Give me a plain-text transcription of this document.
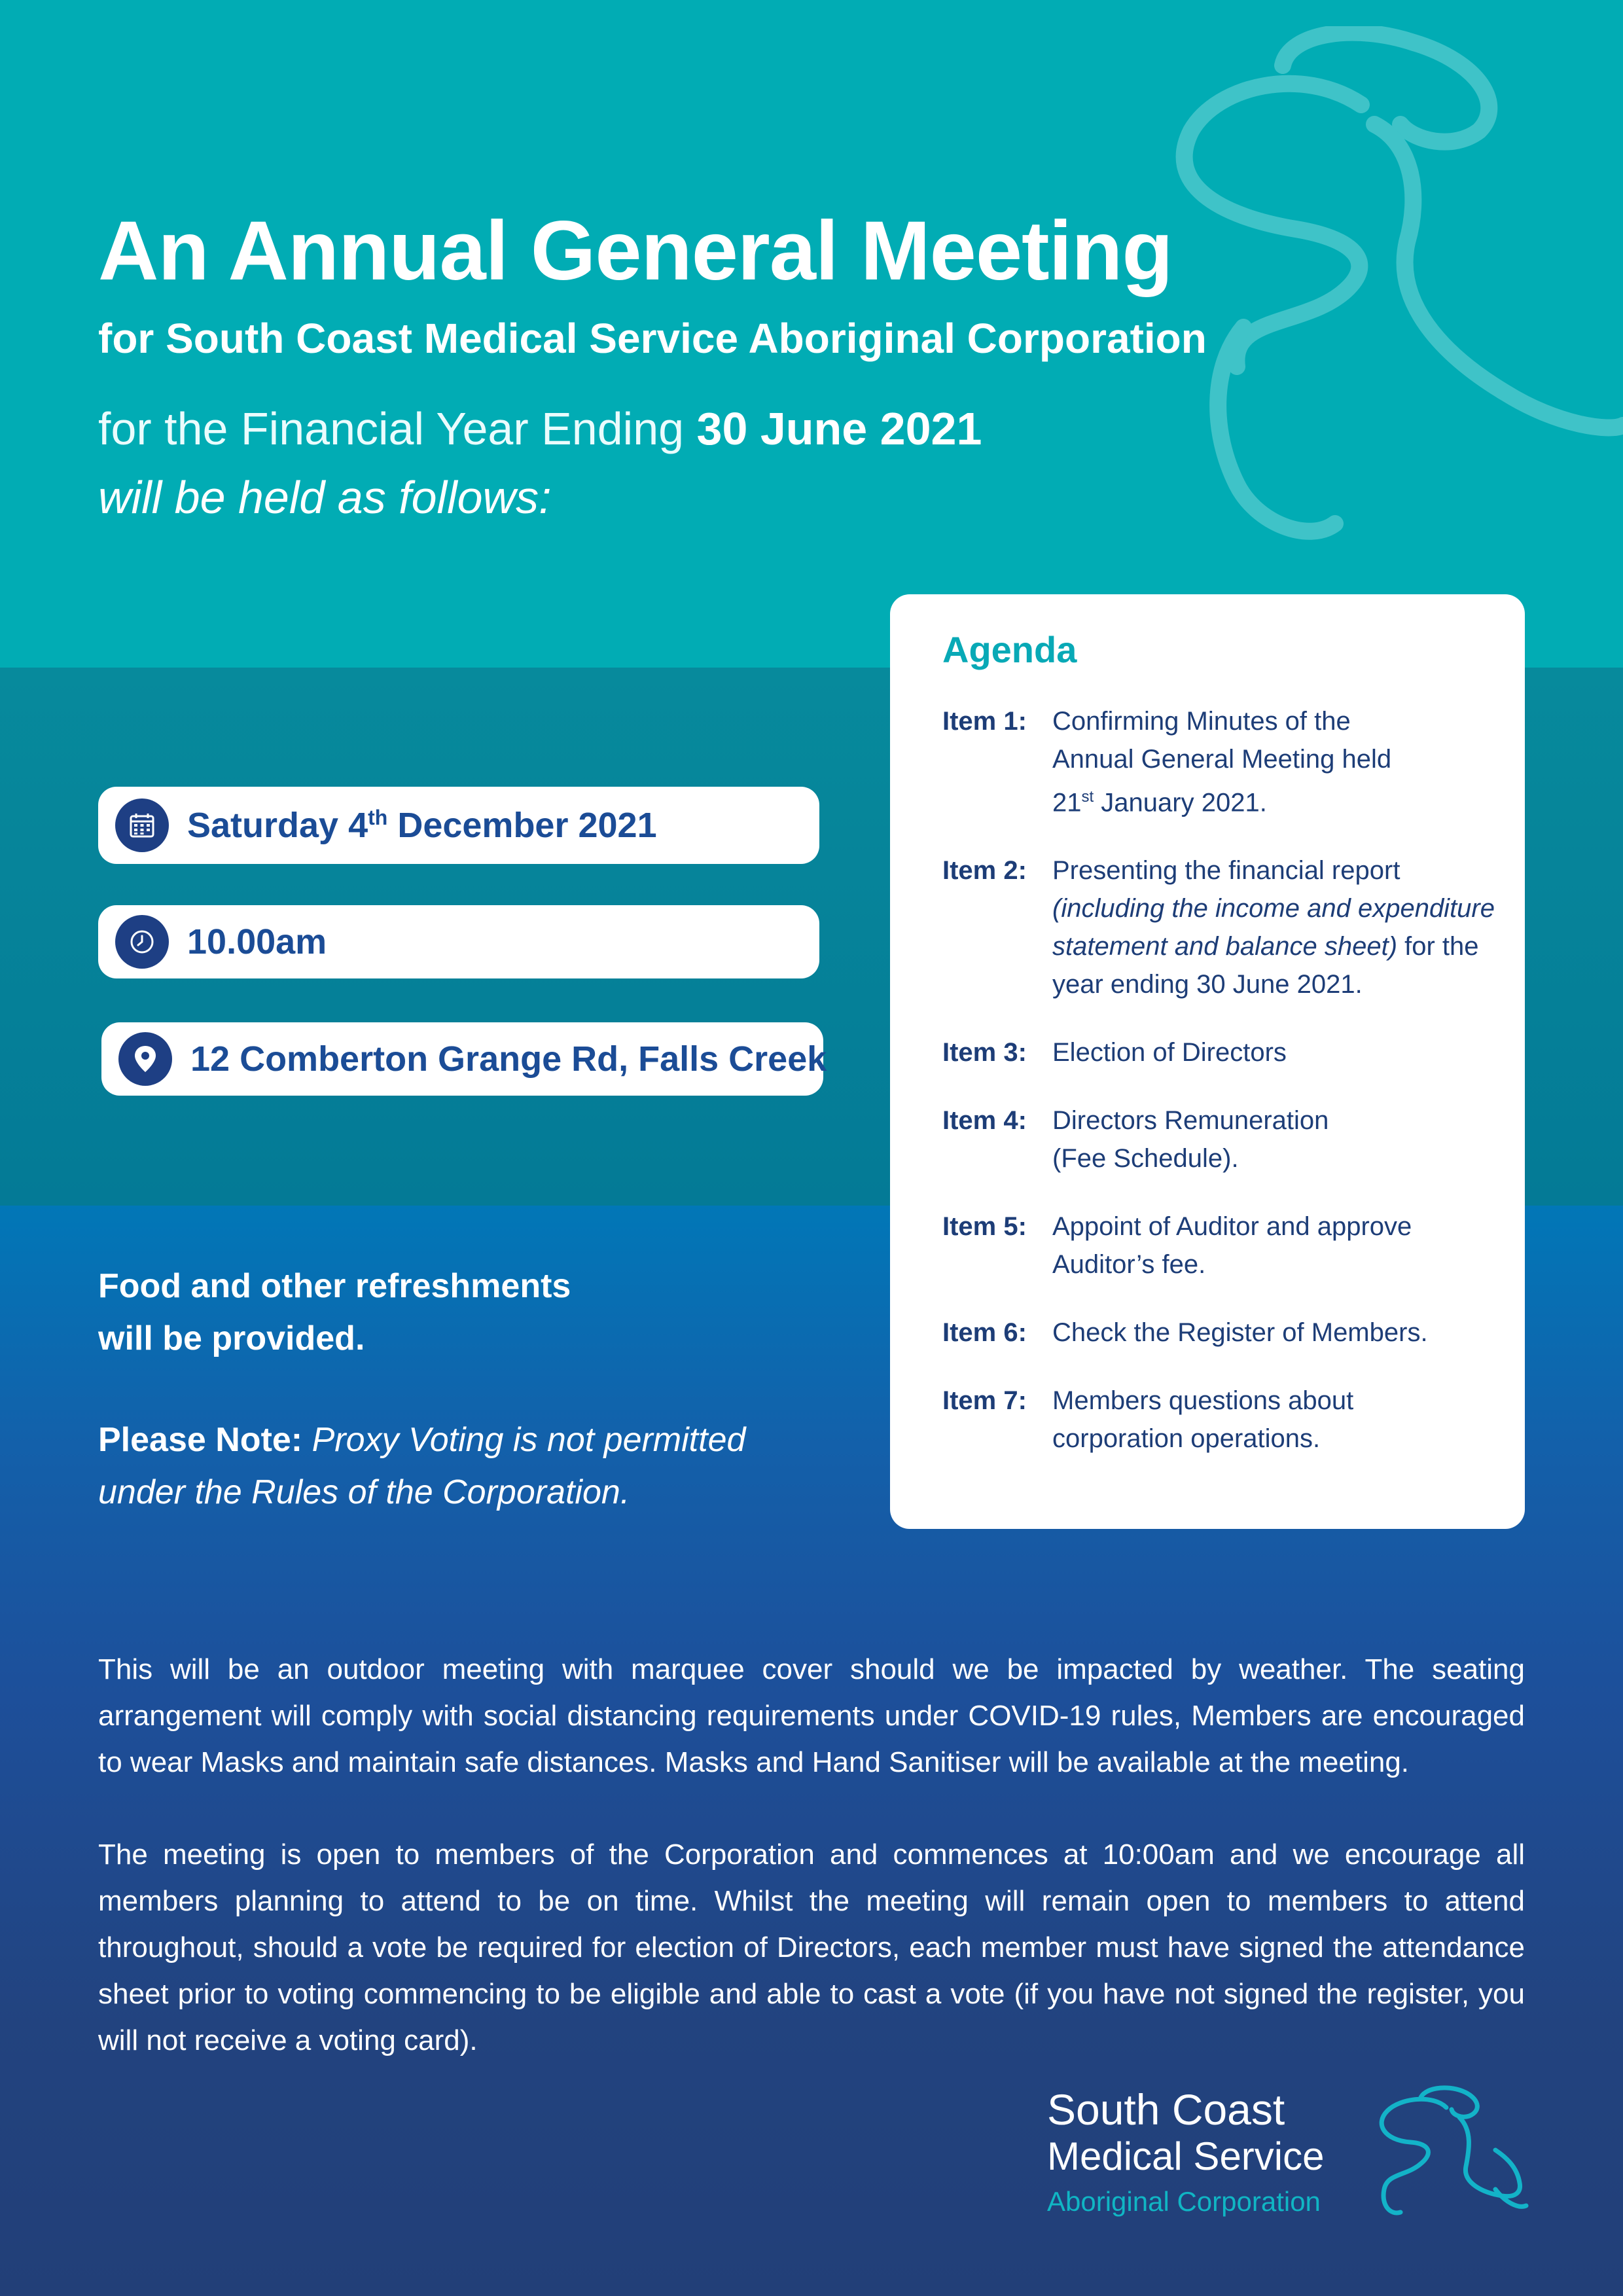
An Annual General Meeting
for South Coast Medical Service Aboriginal Corporation
for the Financial Year Ending 30 June 2021
will be held as follows:
Saturday 4th December 2021
10.00am
12 Comberton Grange Rd, Falls Creek
Food and other refreshments
will be provided.
Please Note: Proxy Voting is not permitted under the Rules of the Corporation.
Agenda
Item 1: Confirming Minutes of the
Annual General Meeting held
21st January 2021.
Item 2: Presenting the financial report
(including the income and expenditure statement and balance sheet) for the year ending 30 June 2021.
Item 3: Election of Directors
Item 4: Directors Remuneration
(Fee Schedule).
Item 5: Appoint of Auditor and approve
Auditor’s fee.
Item 6: Check the Register of Members.
Item 7: Members questions about
corporation operations.

This will be an outdoor meeting with marquee cover should we be impacted by weather. The seating arrangement will comply with social distancing requirements under COVID-19 rules, Members are encouraged to wear Masks and maintain safe distances. Masks and Hand Sanitiser will be available at the meeting.

The meeting is open to members of the Corporation and commences at 10:00am and we encourage all members planning to attend to be on time. Whilst the meeting will remain open to members to attend throughout, should a vote be required for election of Directors, each member must have signed the attendance sheet prior to voting commencing to be eligible and able to cast a vote (if you have not signed the register, you will not receive a voting card).

South Coast
Medical Service
Aboriginal Corporation
